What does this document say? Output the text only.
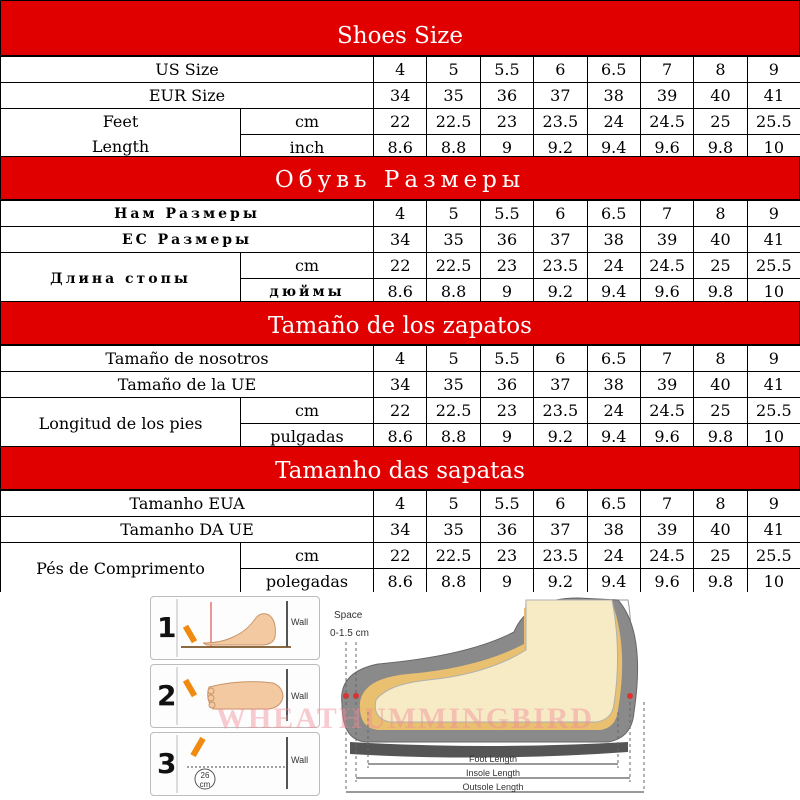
Shoes Size
US Size		4	5	5.5	6	6.5	7	8	9
EUR Size		34	35	36	37	38	39	40	41
Feet	cm	22	22.5	23	23.5	24	24.5	25	25.5
Length	inch	8.6	8.8	9	9.2	9.4	9.6	9.8	10
Обувь Размеры
Нам Размеры		4	5	5.5	6	6.5	7	8	9
ЕС Размеры		34	35	36	37	38	39	40	41
Длина стопы	cm	22	22.5	23	23.5	24	24.5	25	25.5
	дюймы	8.6	8.8	9	9.2	9.4	9.6	9.8	10
Tamaño de los zapatos
Tamaño de nosotros		4	5	5.5	6	6.5	7	8	9
Tamaño de la UE		34	35	36	37	38	39	40	41
Longitud de los pies	cm	22	22.5	23	23.5	24	24.5	25	25.5
	pulgadas	8.6	8.8	9	9.2	9.4	9.6	9.8	10
Tamanho das sapatas
Tamanho EUA		4	5	5.5	6	6.5	7	8	9
Tamanho DA UE		34	35	36	37	38	39	40	41
Pés de Comprimento	cm	22	22.5	23	23.5	24	24.5	25	25.5
	polegadas	8.6	8.8	9	9.2	9.4	9.6	9.8	10
1	Wall
2	Wall
3	26
cm
Wall
Space
0-1.5 cm
Foot Length
Insole Length
Outsole Length
WHEATHUMMINGBIRD
